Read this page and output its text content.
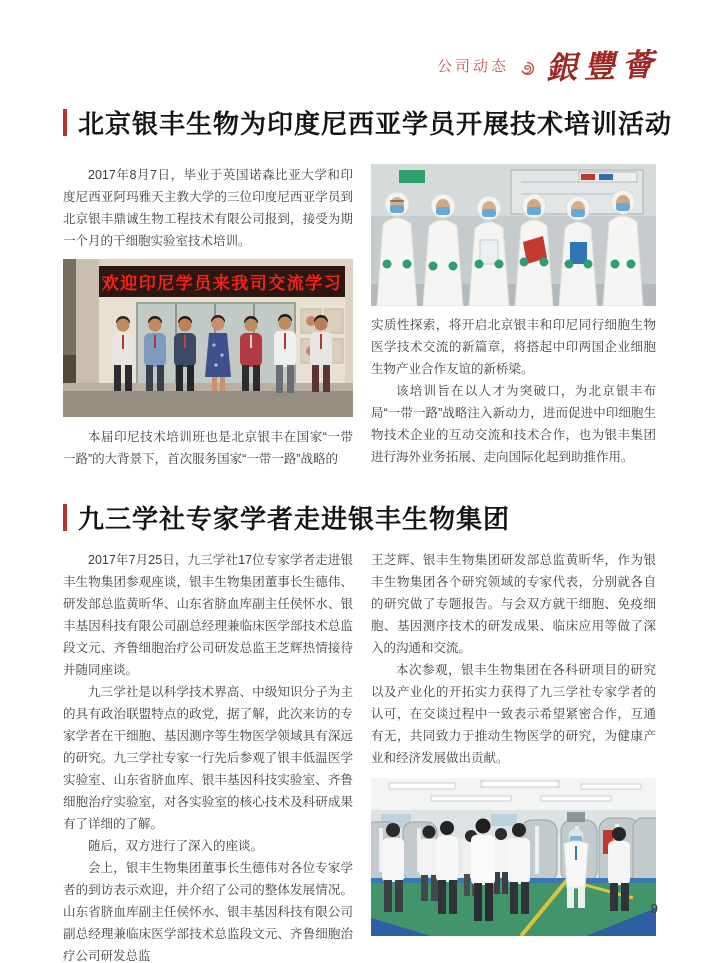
公司动态 銀豐薈
北京银丰生物为印度尼西亚学员开展技术培训活动

2017年8月7日，毕业于英国诺森比亚大学和印度尼西亚阿玛雅天主教大学的三位印度尼西亚学员到北京银丰鼎诚生物工程技术有限公司报到，接受为期一个月的干细胞实验室技术培训。

欢迎印尼学员来我司交流学习

本届印尼技术培训班也是北京银丰在国家“一带一路”的大背景下，首次服务国家“一带一路”战略的

实质性探索，将开启北京银丰和印尼同行细胞生物医学技术交流的新篇章，将搭起中印两国企业细胞生物产业合作友谊的新桥梁。

该培训旨在以人才为突破口，为北京银丰布局“一带一路”战略注入新动力，进而促进中印细胞生物技术企业的互动交流和技术合作，也为银丰集团进行海外业务拓展、走向国际化起到助推作用。

九三学社专家学者走进银丰生物集团

2017年7月25日，九三学社17位专家学者走进银丰生物集团参观座谈，银丰生物集团董事长生德伟、研发部总监黄昕华、山东省脐血库副主任侯怀水、银丰基因科技有限公司副总经理兼临床医学部技术总监段文元、齐鲁细胞治疗公司研发总监王芝辉热情接待并随同座谈。

九三学社是以科学技术界高、中级知识分子为主的具有政治联盟特点的政党，据了解，此次来访的专家学者在干细胞、基因测序等生物医学领域具有深远的研究。九三学社专家一行先后参观了银丰低温医学实验室、山东省脐血库、银丰基因科技实验室、齐鲁细胞治疗实验室，对各实验室的核心技术及科研成果有了详细的了解。

随后，双方进行了深入的座谈。

会上，银丰生物集团董事长生德伟对各位专家学者的到访表示欢迎，并介绍了公司的整体发展情况。山东省脐血库副主任侯怀水、银丰基因科技有限公司副总经理兼临床医学部技术总监段文元、齐鲁细胞治疗公司研发总监

王芝辉、银丰生物集团研发部总监黄昕华，作为银丰生物集团各个研究领域的专家代表，分别就各自的研究做了专题报告。与会双方就干细胞、免疫细胞、基因测序技术的研发成果、临床应用等做了深入的沟通和交流。

本次参观，银丰生物集团在各科研项目的研究以及产业化的开拓实力获得了九三学社专家学者的认可，在交谈过程中一致表示希望紧密合作，互通有无，共同致力于推动生物医学的研究，为健康产业和经济发展做出贡献。

9
